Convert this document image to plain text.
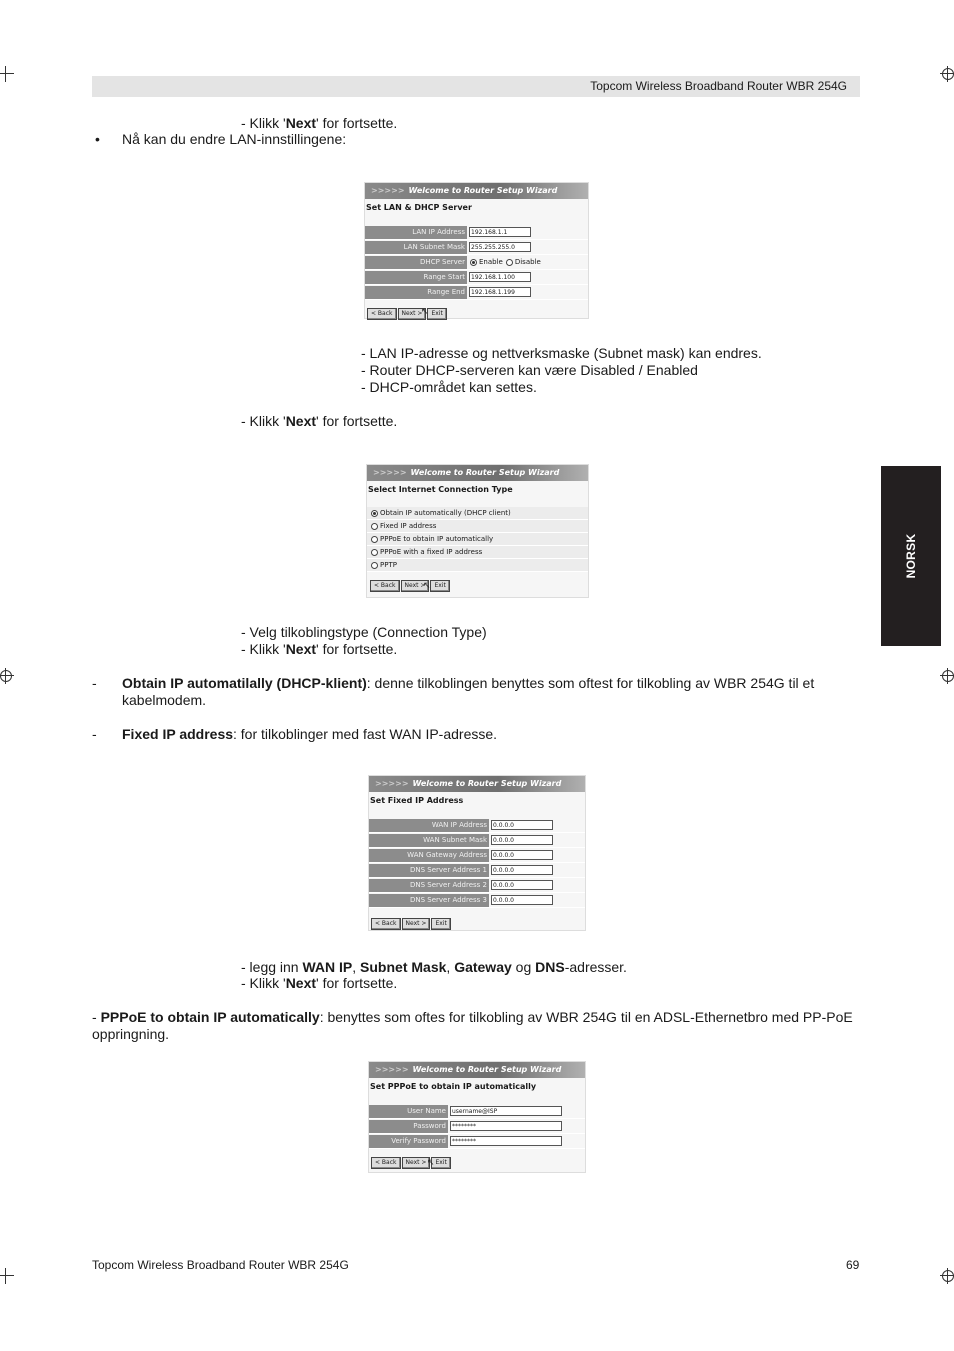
Topcom Wireless Broadband Router WBR 254G
NORSK
- Klikk 'Next' for fortsette.
• Nå kan du endre LAN-innstillingene:
>>>>> Welcome to Router Setup Wizard
Set LAN & DHCP Server
LAN IP Address	192.168.1.1
LAN Subnet Mask	255.255.255.0
DHCP Server	Enable	Disable
Range Start	192.168.1.100
Range End	192.168.1.199
< Back	Next >	Exit
↖
- LAN IP-adresse og nettverksmaske (Subnet mask) kan endres.
- Router DHCP-serveren kan være Disabled / Enabled
- DHCP-området kan settes.
- Klikk 'Next' for fortsette.
>>>>> Welcome to Router Setup Wizard
Select Internet Connection Type
Obtain IP automatically (DHCP client)
Fixed IP address
PPPoE to obtain IP automatically
PPPoE with a fixed IP address
PPTP
< Back	Next >	Exit
↖
- Velg tilkoblingstype (Connection Type)
- Klikk 'Next' for fortsette.
- Obtain IP automatilally (DHCP-klient): denne tilkoblingen benyttes som oftest for tilkobling av WBR 254G til et kabelmodem.
- Fixed IP address: for tilkoblinger med fast WAN IP-adresse.
>>>>> Welcome to Router Setup Wizard
Set Fixed IP Address
WAN IP Address	0.0.0.0
WAN Subnet Mask	0.0.0.0
WAN Gateway Address	0.0.0.0
DNS Server Address 1	0.0.0.0
DNS Server Address 2	0.0.0.0
DNS Server Address 3	0.0.0.0
< Back	Next >	Exit
- legg inn WAN IP, Subnet Mask, Gateway og DNS-adresser.
- Klikk 'Next' for fortsette.
- PPPoE to obtain IP automatically: benyttes som oftes for tilkobling av WBR 254G til en ADSL-Ethernetbro med PP-PoE oppringning.
>>>>> Welcome to Router Setup Wizard
Set PPPoE to obtain IP automatically
User Name	username@ISP
Password	********
Verify Password	********
< Back	Next >	Exit
↖
Topcom Wireless Broadband Router WBR 254G	69
